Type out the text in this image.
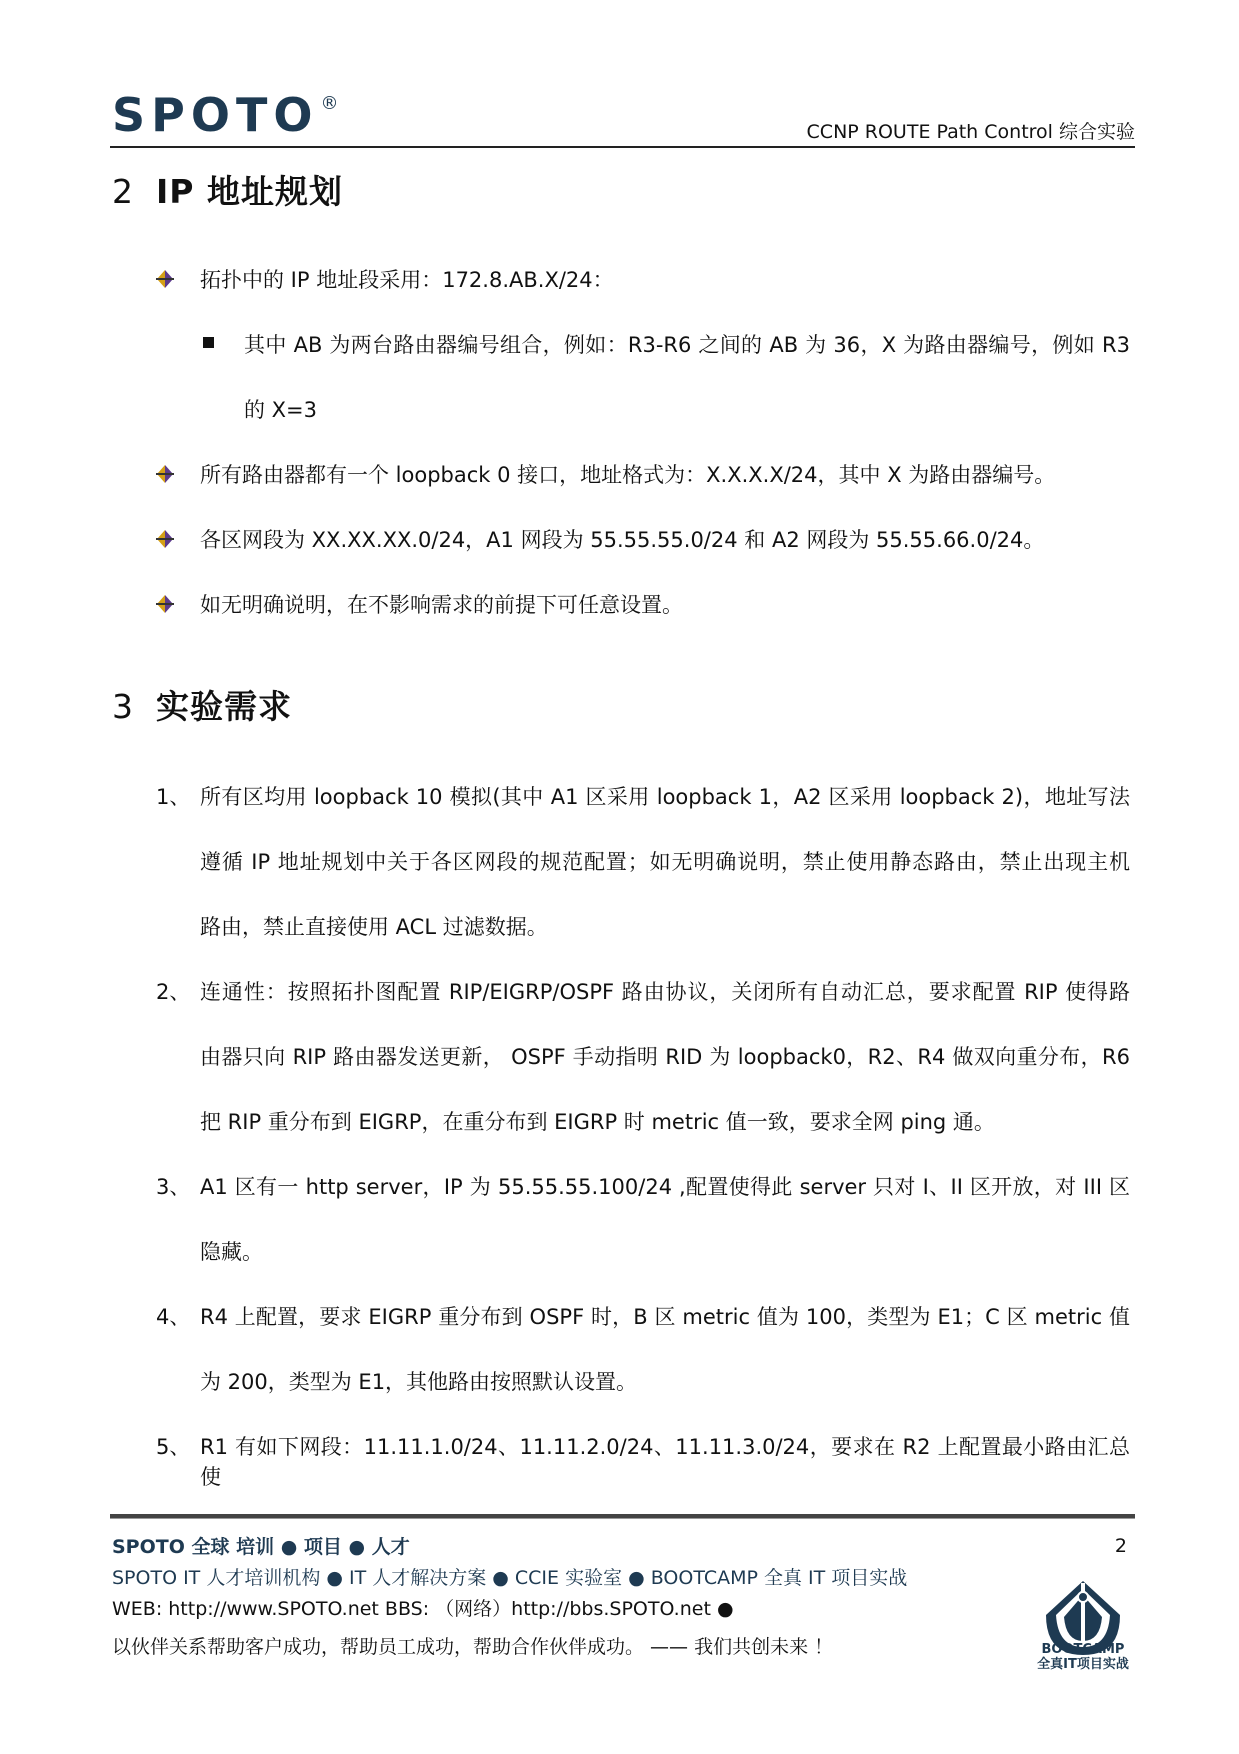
SPOTO ®
CCNP ROUTE Path Control 综合实验
2 IP 地址规划
拓扑中的 IP 地址段采用：172.8.AB.X/24：
其中 AB 为两台路由器编号组合，例如：R3-R6 之间的 AB 为 36，X 为路由器编号，例如 R3
的 X=3
所有路由器都有一个 loopback 0 接口，地址格式为：X.X.X.X/24，其中 X 为路由器编号。
各区网段为 XX.XX.XX.0/24，A1 网段为 55.55.55.0/24 和 A2 网段为 55.55.66.0/24。
如无明确说明，在不影响需求的前提下可任意设置。
3 实验需求
1、 所有区均用 loopback 10 模拟(其中 A1 区采用 loopback 1，A2 区采用 loopback 2)，地址写法
遵循 IP 地址规划中关于各区网段的规范配置；如无明确说明，禁止使用静态路由，禁止出现主机
路由，禁止直接使用 ACL 过滤数据。
2、 连通性：按照拓扑图配置 RIP/EIGRP/OSPF 路由协议，关闭所有自动汇总，要求配置 RIP 使得路
由器只向 RIP 路由器发送更新， OSPF 手动指明 RID 为 loopback0，R2、R4 做双向重分布，R6
把 RIP 重分布到 EIGRP，在重分布到 EIGRP 时 metric 值一致，要求全网 ping 通。
3、 A1 区有一 http server，IP 为 55.55.55.100/24 ,配置使得此 server 只对 I、II 区开放，对 III 区
隐藏。
4、 R4 上配置，要求 EIGRP 重分布到 OSPF 时，B 区 metric 值为 100，类型为 E1；C 区 metric 值
为 200，类型为 E1，其他路由按照默认设置。
5、 R1 有如下网段：11.11.1.0/24、11.11.2.0/24、11.11.3.0/24，要求在 R2 上配置最小路由汇总使
SPOTO 全球 培训 ● 项目 ● 人才	2
SPOTO IT 人才培训机构 ● IT 人才解决方案 ● CCIE 实验室 ● BOOTCAMP 全真 IT 项目实战
WEB: http://www.SPOTO.net BBS: （网络）http://bbs.SPOTO.net ●
以伙伴关系帮助客户成功，帮助员工成功，帮助合作伙伴成功。 —— 我们共创未来 ！	BOOTCAMP
全真IT项目实战
